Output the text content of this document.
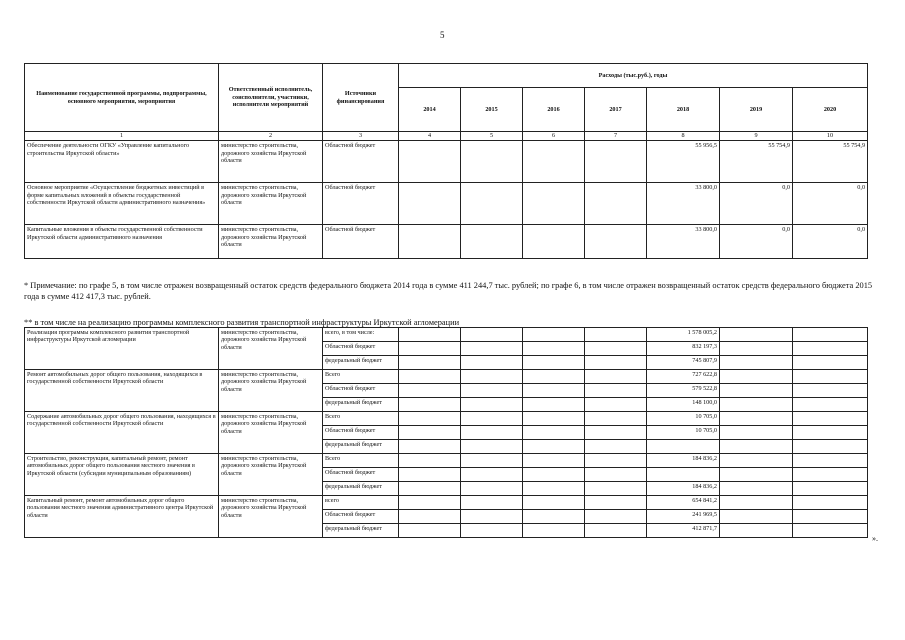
5
Наименование государственной программы, подпрограммы, основного мероприятия, мероприятия	Ответственный исполнитель, соисполнители, участники, исполнители мероприятий	Источники финансирования	Расходы (тыс.руб.), годы						
			2014	2015	2016	2017	2018	2019	2020
1	2	3	4	5	6	7	8	9	10
Обеспечение деятельности ОГКУ «Управление капитального строительства Иркутской области»	министерство строительства, дорожного хозяйства Иркутской области	Областной бюджет					55 956,5	55 754,9	55 754,9
Основное мероприятие «Осуществление бюджетных инвестиций в форме капитальных вложений в объекты государственной собственности Иркутской области административного назначения»	министерство строительства, дорожного хозяйства Иркутской области	Областной бюджет					33 800,0	0,0	0,0
Капитальные вложения в объекты государственной собственности Иркутской области административного назначения	министерство строительства, дорожного хозяйства Иркутской области	Областной бюджет					33 800,0	0,0	0,0
* Примечание: по графе 5, в том числе отражен возвращенный остаток средств федерального бюджета 2014 года в сумме 411 244,7 тыс. рублей; по графе 6, в том числе отражен возвращенный остаток средств федерального бюджета 2015 года в сумме 412 417,3 тыс. рублей.
** в том числе на реализацию программы комплексного развития транспортной инфраструктуры Иркутской агломерации
Реализация программы комплексного развития транспортной инфраструктуры Иркутской агломерации	министерство строительства, дорожного хозяйства Иркутской области	всего, в том числе:					1 578 005,2		
		Областной бюджет					832 197,3		
		федеральный бюджет					745 807,9		
Ремонт автомобильных дорог общего пользования, находящихся в государственной собственности Иркутской области	министерство строительства, дорожного хозяйства Иркутской области	Всего					727 622,8		
		Областной бюджет					579 522,8		
		федеральный бюджет					148 100,0		
Содержание автомобильных дорог общего пользования, находящихся в государственной собственности Иркутской области	министерство строительства, дорожного хозяйства Иркутской области	Всего					10 705,0		
		Областной бюджет					10 705,0		
		федеральный бюджет							
Строительство, реконструкция, капитальный ремонт, ремонт автомобильных дорог общего пользования местного значения в Иркутской области (субсидии муниципальным образованиям)	министерство строительства, дорожного хозяйства Иркутской области	Всего					184 836,2		
		Областной бюджет							
		федеральный бюджет					184 836,2		
Капитальный ремонт, ремонт автомобильных дорог общего пользования местного значения административного центра Иркутской области	министерство строительства, дорожного хозяйства Иркутской области	всего					654 841,2		
		Областной бюджет					241 969,5		
		федеральный бюджет					412 871,7		
».
